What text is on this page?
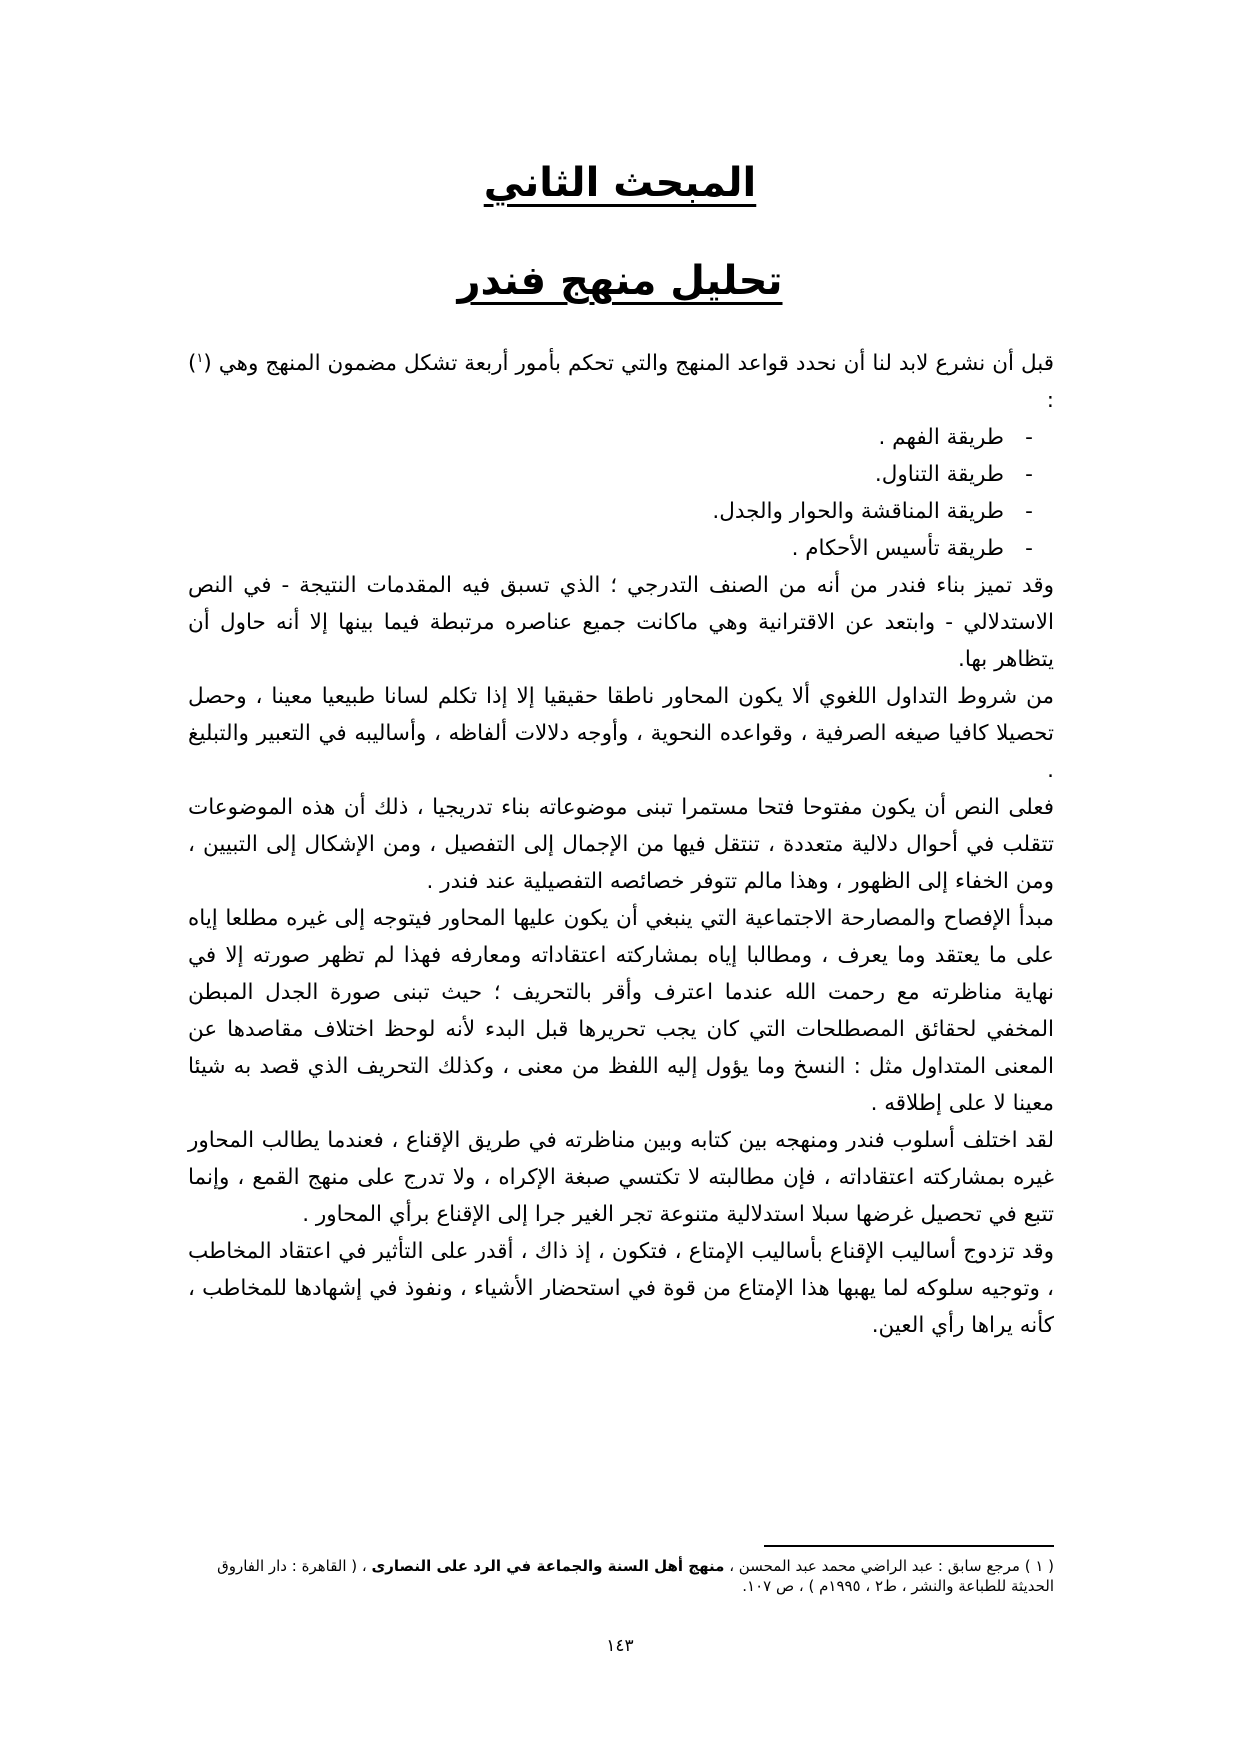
المبحث الثاني
تحليل منهج فندر

قبل أن نشرع لابد لنا أن نحدد قواعد المنهج والتي تحكم بأمور أربعة تشكل مضمون المنهج وهي ($^١$) :

-طريقة الفهم .
-طريقة التناول.
-طريقة المناقشة والحوار والجدل.
-طريقة تأسيس الأحكام .

وقد تميز بناء فندر من أنه من الصنف التدرجي ؛ الذي تسبق فيه المقدمات النتيجة - في النص الاستدلالي - وابتعد عن الاقترانية وهي ماكانت جميع عناصره مرتبطة فيما بينها إلا أنه حاول أن يتظاهر بها.

من شروط التداول اللغوي ألا يكون المحاور ناطقا حقيقيا إلا إذا تكلم لسانا طبيعيا معينا ، وحصل تحصيلا كافيا صيغه الصرفية ، وقواعده النحوية ، وأوجه دلالات ألفاظه ، وأساليبه في التعبير والتبليغ .

فعلى النص أن يكون مفتوحا فتحا مستمرا تبنى موضوعاته بناء تدريجيا ، ذلك أن هذه الموضوعات تتقلب في أحوال دلالية متعددة ، تنتقل فيها من الإجمال إلى التفصيل ، ومن الإشكال إلى التبيين ، ومن الخفاء إلى الظهور ، وهذا مالم تتوفر خصائصه التفصيلية عند فندر .

مبدأ الإفصاح والمصارحة الاجتماعية التي ينبغي أن يكون عليها المحاور فيتوجه إلى غيره مطلعا إياه على ما يعتقد وما يعرف ، ومطالبا إياه بمشاركته اعتقاداته ومعارفه فهذا لم تظهر صورته إلا في نهاية مناظرته مع رحمت الله عندما اعترف وأقر بالتحريف ؛ حيث تبنى صورة الجدل المبطن المخفي لحقائق المصطلحات التي كان يجب تحريرها قبل البدء لأنه لوحظ اختلاف مقاصدها عن المعنى المتداول مثل : النسخ وما يؤول إليه اللفظ من معنى ، وكذلك التحريف الذي قصد به شيئا معينا لا على إطلاقه .

لقد اختلف أسلوب فندر ومنهجه بين كتابه وبين مناظرته في طريق الإقناع ، فعندما يطالب المحاور غيره بمشاركته اعتقاداته ، فإن مطالبته لا تكتسي صبغة الإكراه ، ولا تدرج على منهج القمع ، وإنما تتبع في تحصيل غرضها سبلا استدلالية متنوعة تجر الغير جرا إلى الإقناع برأي المحاور .

وقد تزدوج أساليب الإقناع بأساليب الإمتاع ، فتكون ، إذ ذاك ، أقدر على التأثير في اعتقاد المخاطب ، وتوجيه سلوكه لما يهبها هذا الإمتاع من قوة في استحضار الأشياء ، ونفوذ في إشهادها للمخاطب ، كأنه يراها رأي العين.

( ١ ) مرجع سابق : عبد الراضي محمد عبد المحسن ، منهج أهل السنة والجماعة في الرد على النصارى ، ( القاهرة : دار الفاروق الحديثة للطباعة والنشر ، ط٢ ، ١٩٩٥م ) ، ص ١٠٧.
١٤٣
